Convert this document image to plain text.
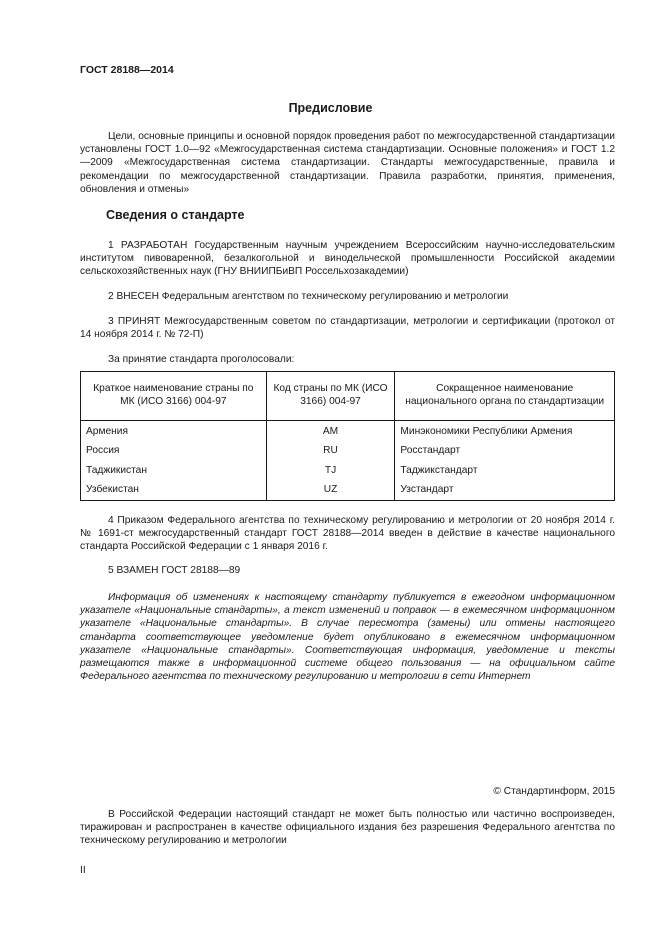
ГОСТ 28188—2014
Предисловие

Цели, основные принципы и основной порядок проведения работ по межгосударственной стандартизации установлены ГОСТ 1.0—92 «Межгосударственная система стандартизации. Основные положения» и ГОСТ 1.2—2009 «Межгосударственная система стандартизации. Стандарты межгосударственные, правила и рекомендации по межгосударственной стандартизации. Правила разработки, принятия, применения, обновления и отмены»

Сведения о стандарте

1 РАЗРАБОТАН Государственным научным учреждением Всероссийским научно-исследовательским институтом пивоваренной, безалкогольной и винодельческой промышленности Российской академии сельскохозяйственных наук (ГНУ ВНИИПБиВП Россельхозакадемии)

2 ВНЕСЕН Федеральным агентством по техническому регулированию и метрологии

3 ПРИНЯТ Межгосударственным советом по стандартизации, метрологии и сертификации (протокол от 14 ноября 2014 г. № 72-П)

За принятие стандарта проголосовали:

Краткое наименование страны по МК (ИСО 3166) 004-97	Код страны по МК (ИСО 3166) 004-97	Сокращенное наименование национального органа по стандартизации
Армения	AM	Минэкономики Республики Армения
Россия	RU	Росстандарт
Таджикистан	TJ	Таджикстандарт
Узбекистан	UZ	Узстандарт

4 Приказом Федерального агентства по техническому регулированию и метрологии от 20 ноября 2014 г. № 1691-ст межгосударственный стандарт ГОСТ 28188—2014 введен в действие в качестве национального стандарта Российской Федерации с 1 января 2016 г.

5 ВЗАМЕН ГОСТ 28188—89

Информация об изменениях к настоящему стандарту публикуется в ежегодном информационном указателе «Национальные стандарты», а текст изменений и поправок — в ежемесячном информационном указателе «Национальные стандарты». В случае пересмотра (замены) или отмены настоящего стандарта соответствующее уведомление будет опубликовано в ежемесячном информационном указателе «Национальные стандарты». Соответствующая информация, уведомление и тексты размещаются также в информационной системе общего пользования — на официальном сайте Федерального агентства по техническому регулированию и метрологии в сети Интернет

© Стандартинформ, 2015

В Российской Федерации настоящий стандарт не может быть полностью или частично воспроизведен, тиражирован и распространен в качестве официального издания без разрешения Федерального агентства по техническому регулированию и метрологии

II
